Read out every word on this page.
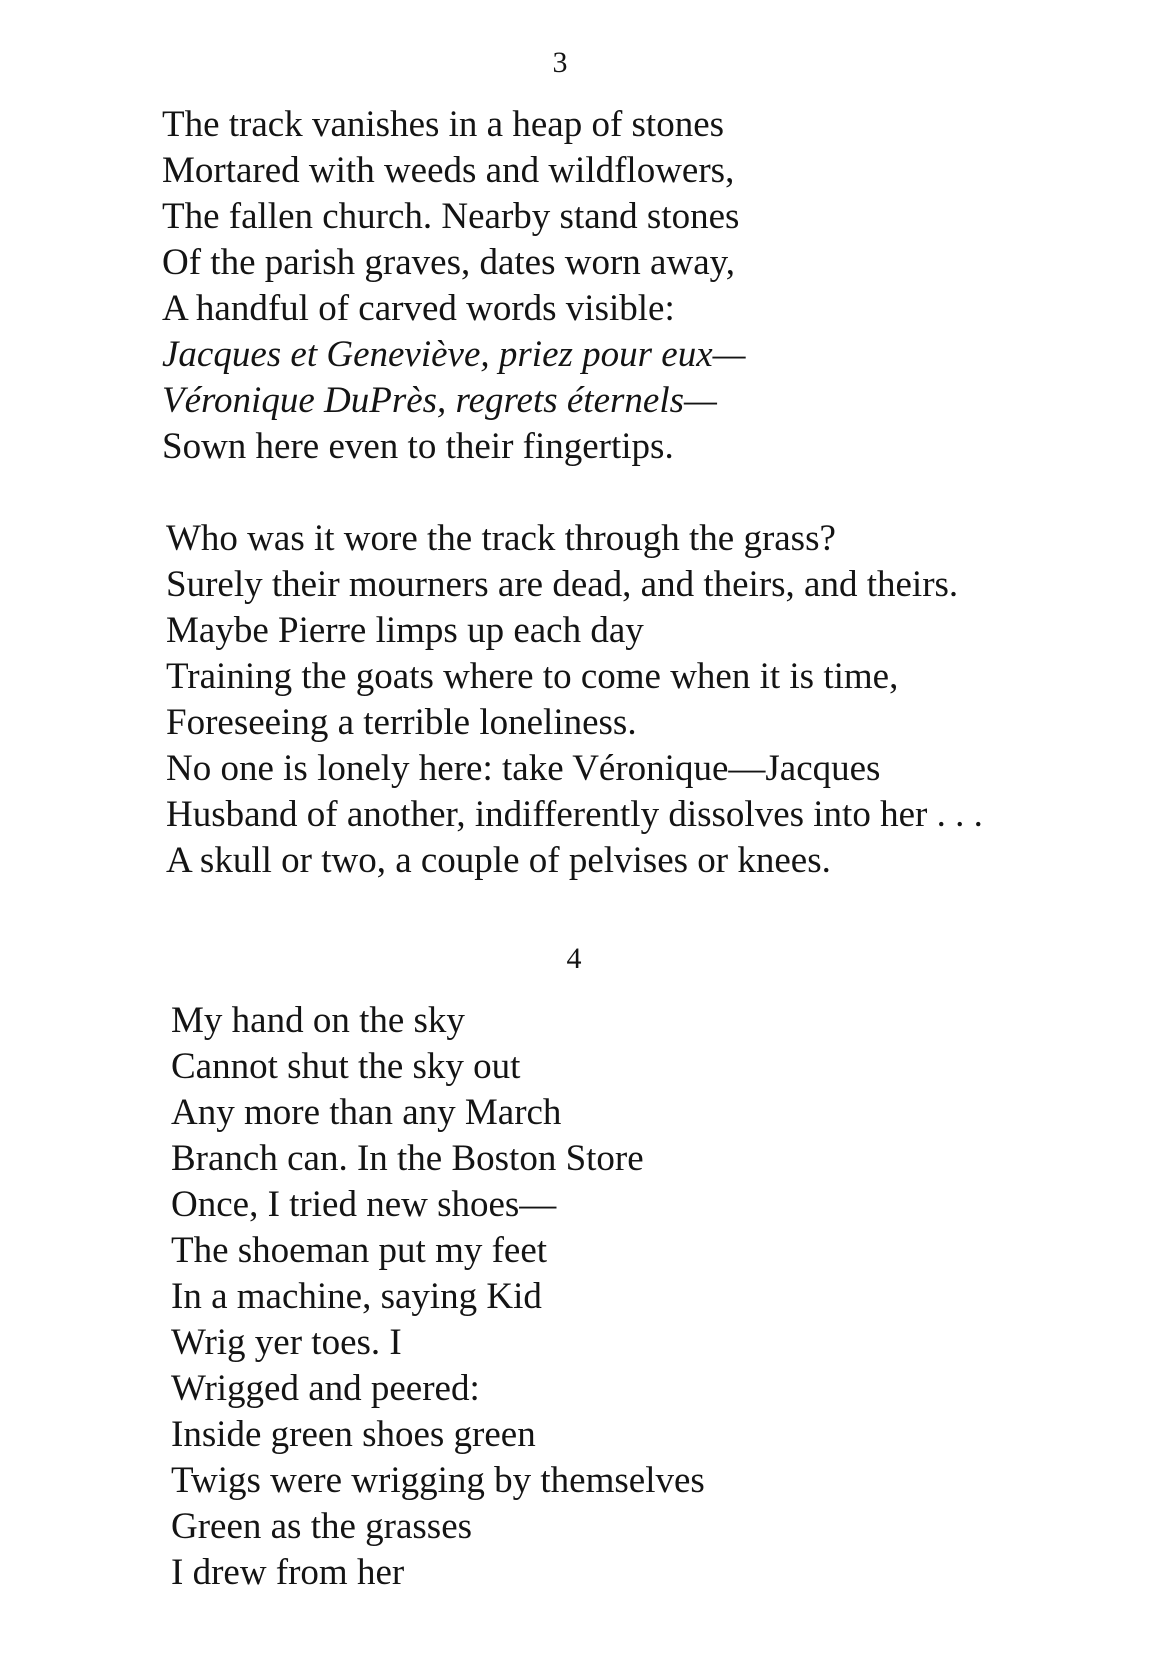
3
The track vanishes in a heap of stones
Mortared with weeds and wildflowers,
The fallen church. Nearby stand stones
Of the parish graves, dates worn away,
A handful of carved words visible:
Jacques et Geneviève, priez pour eux—
Véronique DuPrès, regrets éternels—
Sown here even to their fingertips.
Who was it wore the track through the grass?
Surely their mourners are dead, and theirs, and theirs.
Maybe Pierre limps up each day
Training the goats where to come when it is time,
Foreseeing a terrible loneliness.
No one is lonely here: take Véronique—Jacques
Husband of another, indifferently dissolves into her . . .
A skull or two, a couple of pelvises or knees.
4
My hand on the sky
Cannot shut the sky out
Any more than any March
Branch can. In the Boston Store
Once, I tried new shoes—
The shoeman put my feet
In a machine, saying Kid
Wrig yer toes. I
Wrigged and peered:
Inside green shoes green
Twigs were wrigging by themselves
Green as the grasses
I drew from her
